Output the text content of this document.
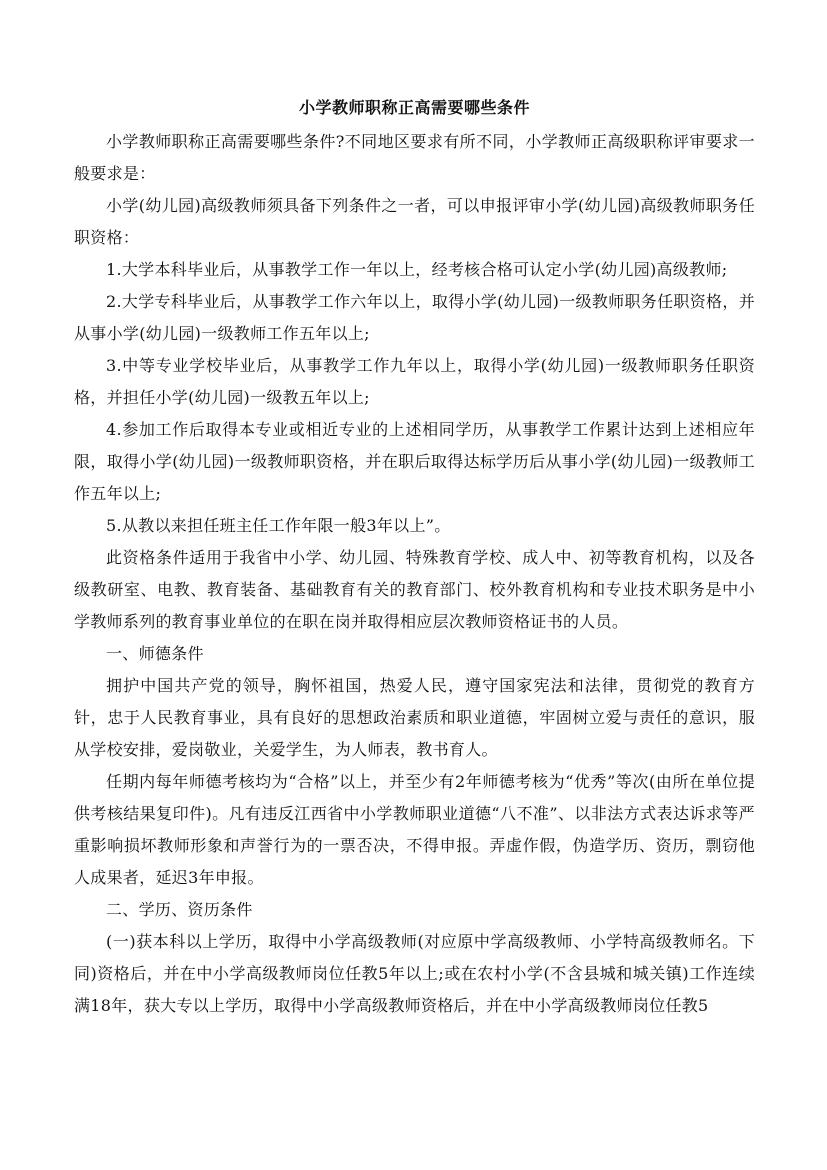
小学教师职称正高需要哪些条件

小学教师职称正高需要哪些条件?不同地区要求有所不同，小学教师正高级职称评审要求一般要求是：

小学(幼儿园)高级教师须具备下列条件之一者，可以申报评审小学(幼儿园)高级教师职务任职资格：

1.大学本科毕业后，从事教学工作一年以上，经考核合格可认定小学(幼儿园)高级教师;

2.大学专科毕业后，从事教学工作六年以上，取得小学(幼儿园)一级教师职务任职资格，并从事小学(幼儿园)一级教师工作五年以上;

3.中等专业学校毕业后，从事教学工作九年以上，取得小学(幼儿园)一级教师职务任职资格，并担任小学(幼儿园)一级教五年以上;

4.参加工作后取得本专业或相近专业的上述相同学历，从事教学工作累计达到上述相应年限，取得小学(幼儿园)一级教师职资格，并在职后取得达标学历后从事小学(幼儿园)一级教师工作五年以上;

5.从教以来担任班主任工作年限一般3年以上”。

此资格条件适用于我省中小学、幼儿园、特殊教育学校、成人中、初等教育机构，以及各级教研室、电教、教育装备、基础教育有关的教育部门、校外教育机构和专业技术职务是中小学教师系列的教育事业单位的在职在岗并取得相应层次教师资格证书的人员。

一、师德条件

拥护中国共产党的领导，胸怀祖国，热爱人民，遵守国家宪法和法律，贯彻党的教育方针，忠于人民教育事业，具有良好的思想政治素质和职业道德，牢固树立爱与责任的意识，服从学校安排，爱岗敬业，关爱学生，为人师表，教书育人。

任期内每年师德考核均为“合格”以上，并至少有2年师德考核为“优秀”等次(由所在单位提供考核结果复印件)。凡有违反江西省中小学教师职业道德“八不准”、以非法方式表达诉求等严重影响损坏教师形象和声誉行为的一票否决，不得申报。弄虚作假，伪造学历、资历，剽窃他人成果者，延迟3年申报。

二、学历、资历条件

(一)获本科以上学历，取得中小学高级教师(对应原中学高级教师、小学特高级教师名。下同)资格后，并在中小学高级教师岗位任教5年以上;或在农村小学(不含县城和城关镇)工作连续满18年，获大专以上学历，取得中小学高级教师资格后，并在中小学高级教师岗位任教5
